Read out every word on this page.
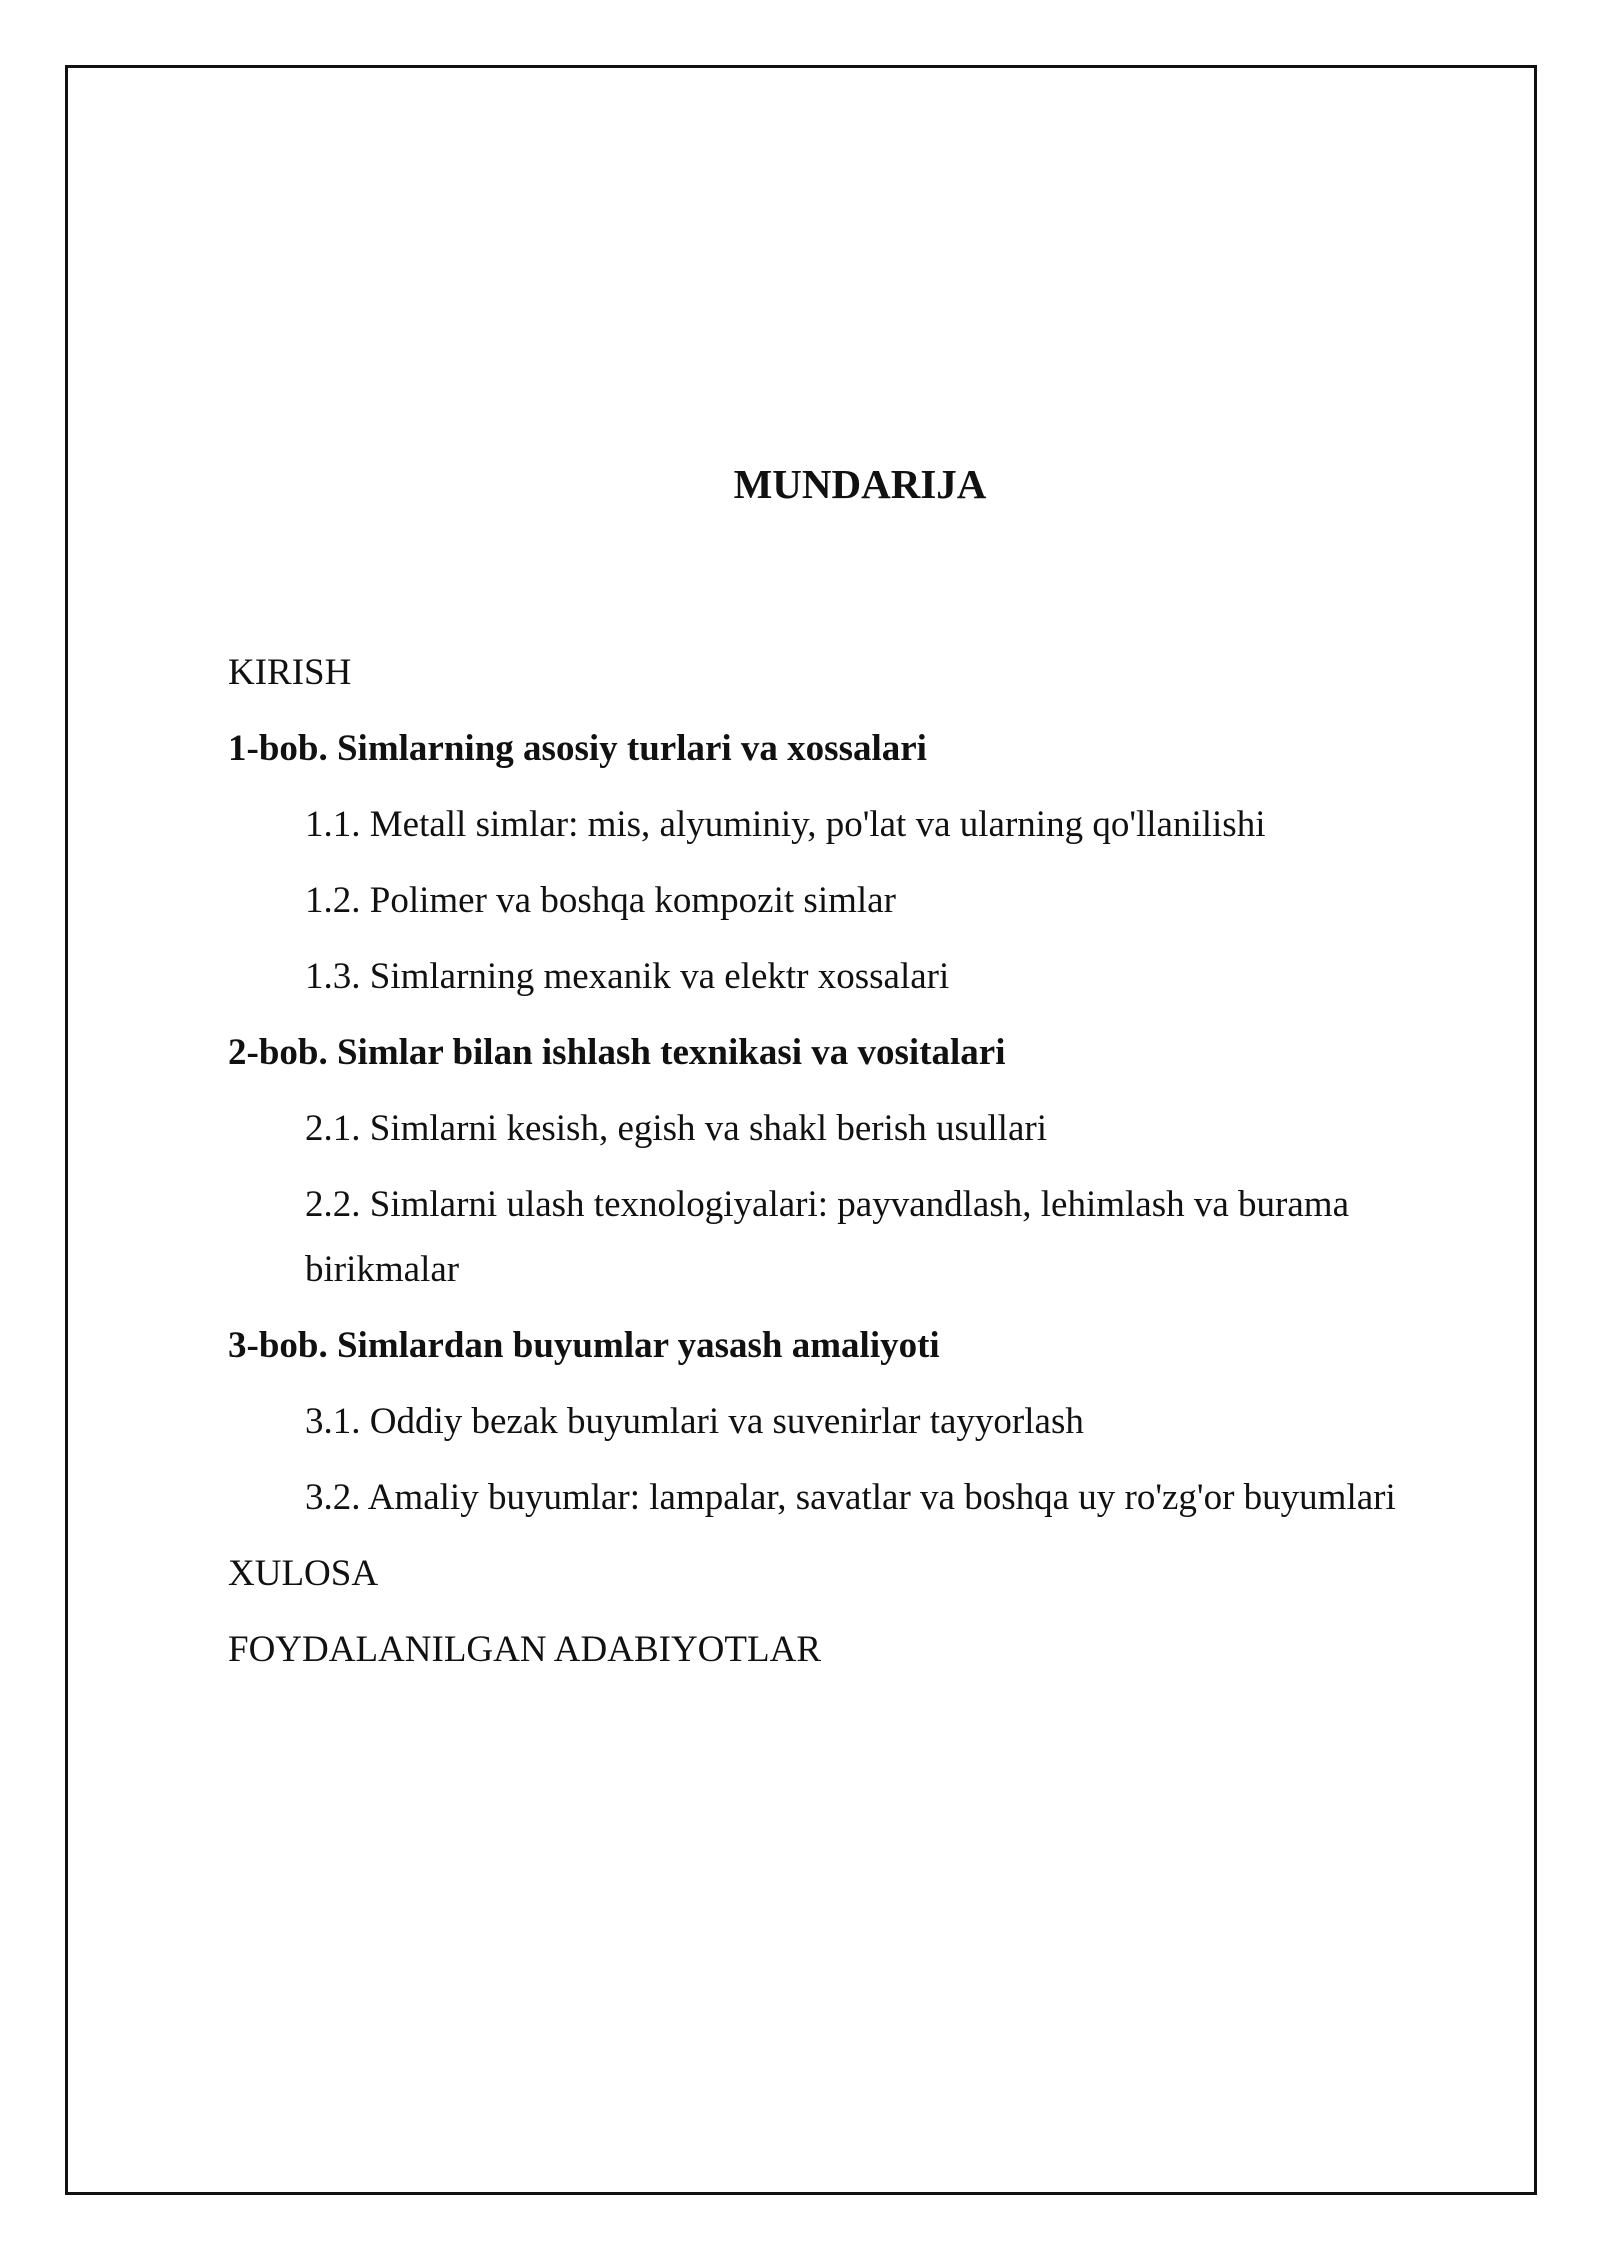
MUNDARIJA
KIRISH
1-bob. Simlarning asosiy turlari va xossalari
1.1. Metall simlar: mis, alyuminiy, po'lat va ularning qo'llanilishi
1.2. Polimer va boshqa kompozit simlar
1.3. Simlarning mexanik va elektr xossalari
2-bob. Simlar bilan ishlash texnikasi va vositalari
2.1. Simlarni kesish, egish va shakl berish usullari
2.2. Simlarni ulash texnologiyalari: payvandlash, lehimlash va burama birikmalar
3-bob. Simlardan buyumlar yasash amaliyoti
3.1. Oddiy bezak buyumlari va suvenirlar tayyorlash
3.2. Amaliy buyumlar: lampalar, savatlar va boshqa uy ro'zg'or buyumlari
XULOSA
FOYDALANILGAN ADABIYOTLAR
